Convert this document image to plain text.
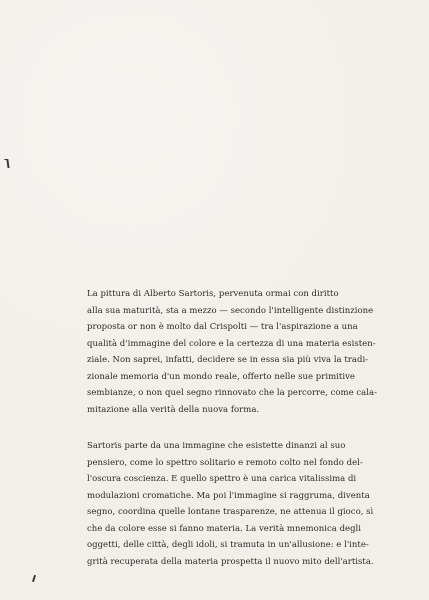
La pittura di Alberto Sartoris, pervenuta ormai con diritto
alla sua maturità, sta a mezzo — secondo l'intelligente distinzione
proposta or non è molto dal Crispolti — tra l'aspirazione a una
qualità d'immagine del colore e la certezza di una materia esisten-
ziale. Non saprei, infatti, decidere se in essa sia più viva la tradi-
zionale memoria d'un mondo reale, offerto nelle sue primitive
sembianze, o non quel segno rinnovato che la percorre, come cala-
mitazione alla verità della nuova forma.
Sartoris parte da una immagine che esistette dinanzi al suo
pensiero, come lo spettro solitario e remoto colto nel fondo del-
l'oscura coscienza. E quello spettro è una carica vitalissima di
modulazioni cromatiche. Ma poi l'immagine si raggruma, diventa
segno, coordina quelle lontane trasparenze, ne attenua il gioco, sì
che da colore esse si fanno materia. La verità mnemonica degli
oggetti, delle città, degli idoli, si tramuta in un'allusione: e l'inte-
grità recuperata della materia prospetta il nuovo mito dell'artista.
